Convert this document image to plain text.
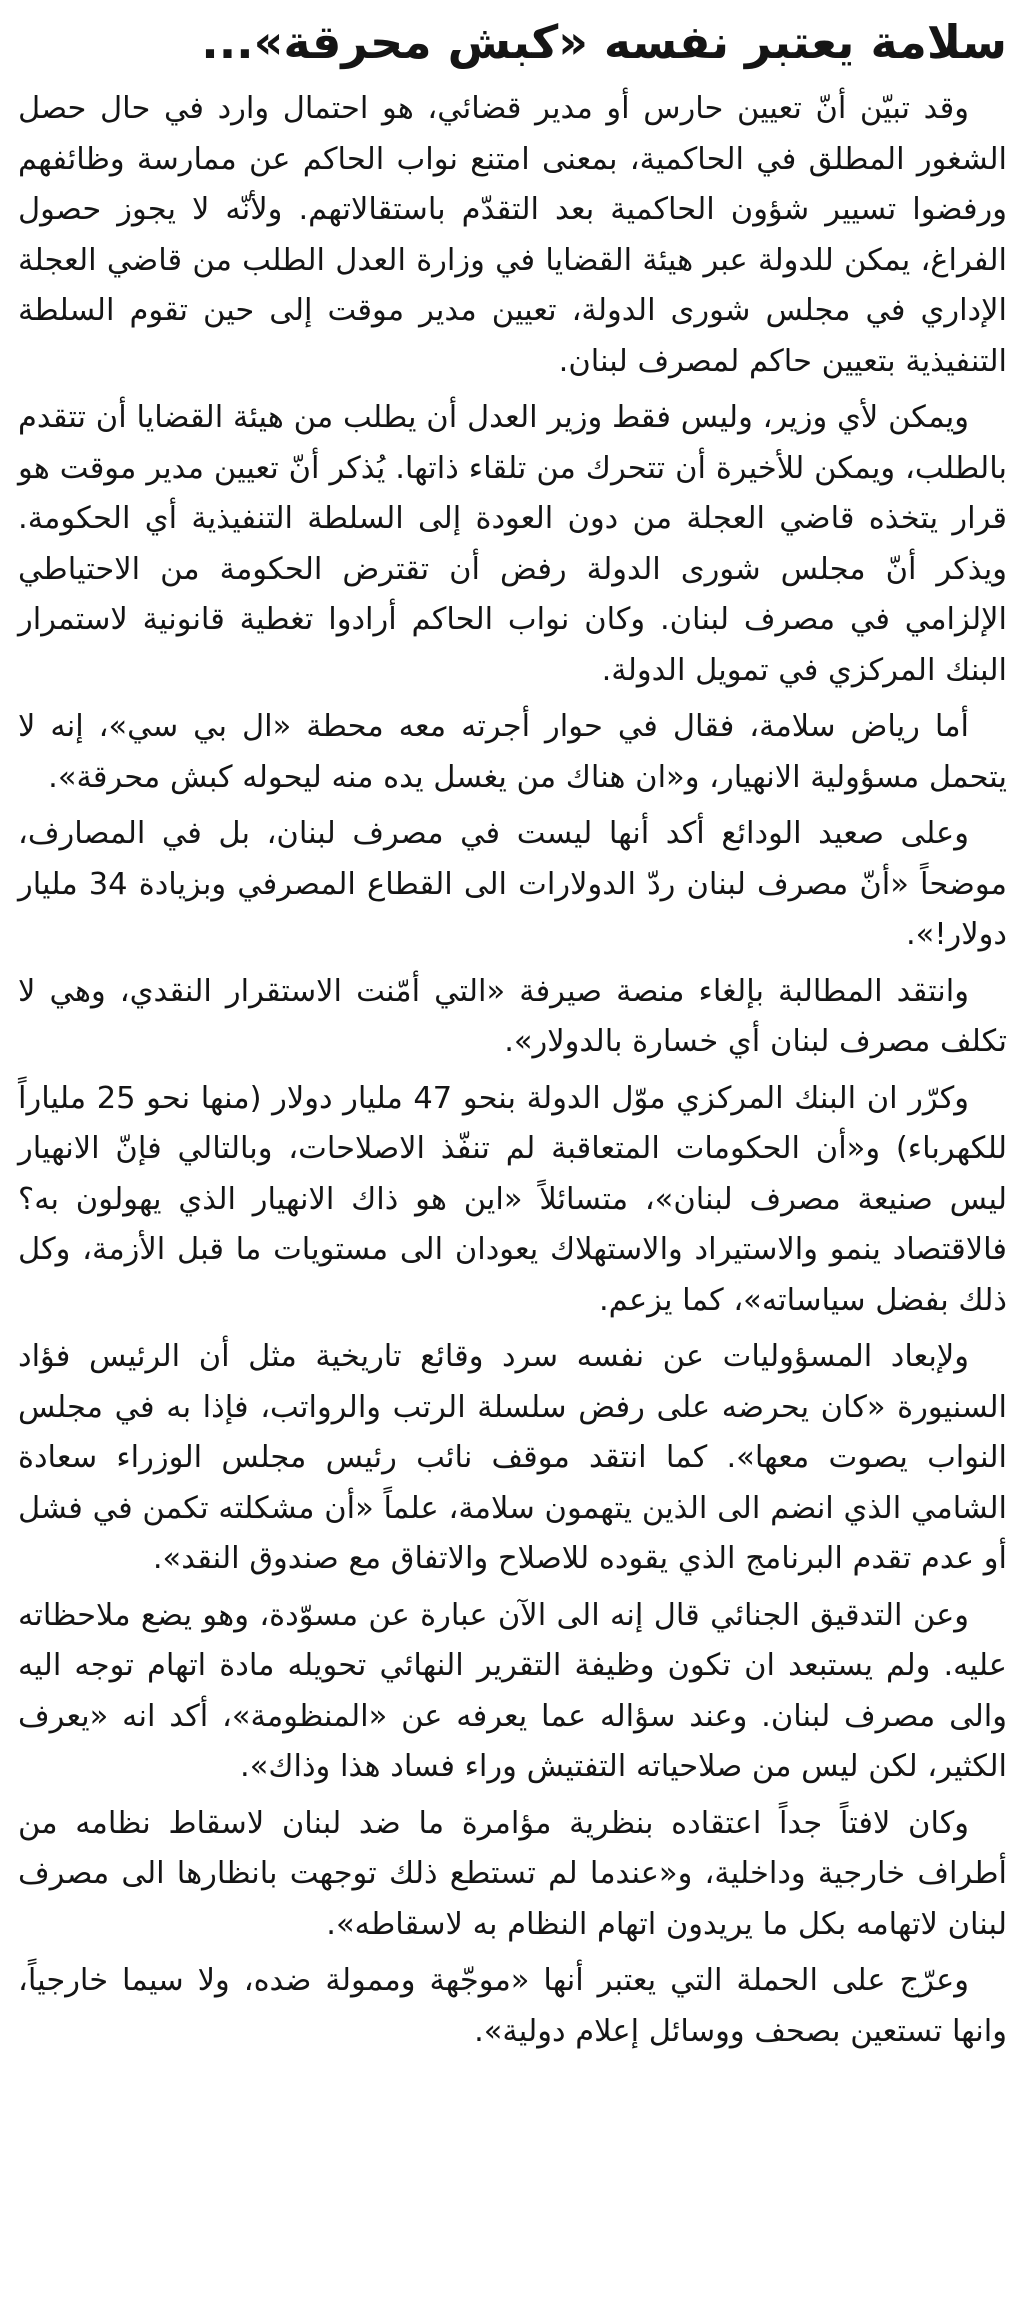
سلامة يعتبر نفسه «كبش محرقة»...

وقد تبيّن أنّ تعيين حارس أو مدير قضائي، هو احتمال وارد في حال حصل الشغور المطلق في الحاكمية، بمعنى امتنع نواب الحاكم عن ممارسة وظائفهم ورفضوا تسيير شؤون الحاكمية بعد التقدّم باستقالاتهم. ولأنّه لا يجوز حصول الفراغ، يمكن للدولة عبر هيئة القضايا في وزارة العدل الطلب من قاضي العجلة الإداري في مجلس شورى الدولة، تعيين مدير موقت إلى حين تقوم السلطة التنفيذية بتعيين حاكم لمصرف لبنان.

ويمكن لأي وزير، وليس فقط وزير العدل أن يطلب من هيئة القضايا أن تتقدم بالطلب، ويمكن للأخيرة أن تتحرك من تلقاء ذاتها. يُذكر أنّ تعيين مدير موقت هو قرار يتخذه قاضي العجلة من دون العودة إلى السلطة التنفيذية أي الحكومة. ويذكر أنّ مجلس شورى الدولة رفض أن تقترض الحكومة من الاحتياطي الإلزامي في مصرف لبنان. وكان نواب الحاكم أرادوا تغطية قانونية لاستمرار البنك المركزي في تمويل الدولة.

أما رياض سلامة، فقال في حوار أجرته معه محطة «ال بي سي»، إنه لا يتحمل مسؤولية الانهيار، و«ان هناك من يغسل يده منه ليحوله كبش محرقة».

وعلى صعيد الودائع أكد أنها ليست في مصرف لبنان، بل في المصارف، موضحاً «أنّ مصرف لبنان ردّ الدولارات الى القطاع المصرفي وبزيادة 34 مليار دولار!».

وانتقد المطالبة بإلغاء منصة صيرفة «التي أمّنت الاستقرار النقدي، وهي لا تكلف مصرف لبنان أي خسارة بالدولار».

وكرّر ان البنك المركزي موّل الدولة بنحو 47 مليار دولار (منها نحو 25 ملياراً للكهرباء) و«أن الحكومات المتعاقبة لم تنفّذ الاصلاحات، وبالتالي فإنّ الانهيار ليس صنيعة مصرف لبنان»، متسائلاً «اين هو ذاك الانهيار الذي يهولون به؟ فالاقتصاد ينمو والاستيراد والاستهلاك يعودان الى مستويات ما قبل الأزمة، وكل ذلك بفضل سياساته»، كما يزعم.

ولإبعاد المسؤوليات عن نفسه سرد وقائع تاريخية مثل أن الرئيس فؤاد السنيورة «كان يحرضه على رفض سلسلة الرتب والرواتب، فإذا به في مجلس النواب يصوت معها». كما انتقد موقف نائب رئيس مجلس الوزراء سعادة الشامي الذي انضم الى الذين يتهمون سلامة، علماً «أن مشكلته تكمن في فشل أو عدم تقدم البرنامج الذي يقوده للاصلاح والاتفاق مع صندوق النقد».

وعن التدقيق الجنائي قال إنه الى الآن عبارة عن مسوّدة، وهو يضع ملاحظاته عليه. ولم يستبعد ان تكون وظيفة التقرير النهائي تحويله مادة اتهام توجه اليه والى مصرف لبنان. وعند سؤاله عما يعرفه عن «المنظومة»، أكد انه «يعرف الكثير، لكن ليس من صلاحياته التفتيش وراء فساد هذا وذاك».

وكان لافتاً جداً اعتقاده بنظرية مؤامرة ما ضد لبنان لاسقاط نظامه من أطراف خارجية وداخلية، و«عندما لم تستطع ذلك توجهت بانظارها الى مصرف لبنان لاتهامه بكل ما يريدون اتهام النظام به لاسقاطه».

وعرّج على الحملة التي يعتبر أنها «موجّهة وممولة ضده، ولا سيما خارجياً، وانها تستعين بصحف ووسائل إعلام دولية».
